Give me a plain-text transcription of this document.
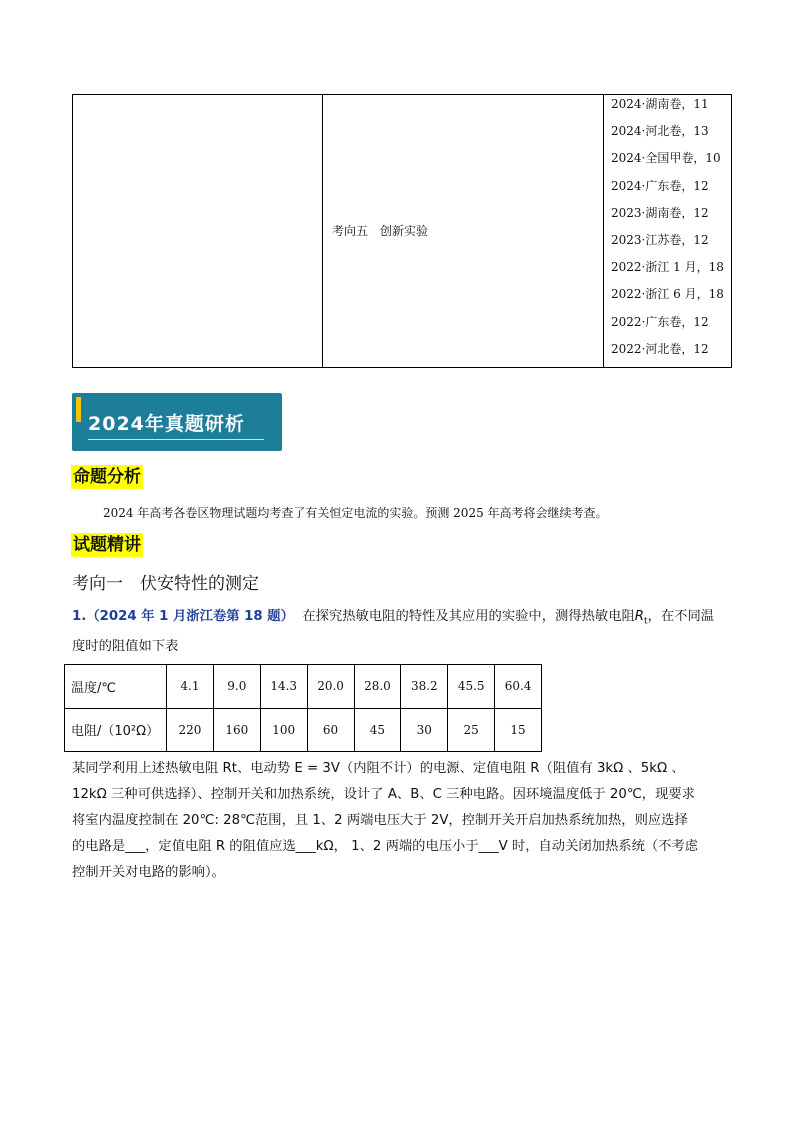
	考向五　创新实验	
2024·湖南卷，11
2024·河北卷，13
2024·全国甲卷，10
2024·广东卷，12
2023·湖南卷，12
2023·江苏卷，12
2022·浙江 1 月，18
2022·浙江 6 月，18
2022·广东卷，12
2022·河北卷，12
2024年真题研析
命题分析
2024 年高考各卷区物理试题均考查了有关恒定电流的实验。预测 2025 年高考将会继续考查。
试题精讲
考向一　伏安特性的测定
1.（2024 年 1 月浙江卷第 18 题） 在探究热敏电阻的特性及其应用的实验中，测得热敏电阻$R_t$，在不同温
度时的阻值如下表
温度/℃	4.1	9.0	14.3	20.0	28.0	38.2	45.5	60.4
电阻/（10²Ω）	220	160	100	60	45	30	25	15
某同学利用上述热敏电阻 Rt、电动势 E = 3V（内阻不计）的电源、定值电阻 R（阻值有 3kΩ 、5kΩ 、
12kΩ 三种可供选择）、控制开关和加热系统，设计了 A、B、C 三种电路。因环境温度低于 20℃，现要求
将室内温度控制在 20℃: 28℃范围，且 1、2 两端电压大于 2V，控制开关开启加热系统加热，则应选择
的电路是___，定值电阻 R 的阻值应选___kΩ， 1、2 两端的电压小于___V 时，自动关闭加热系统（不考虑
控制开关对电路的影响）。
